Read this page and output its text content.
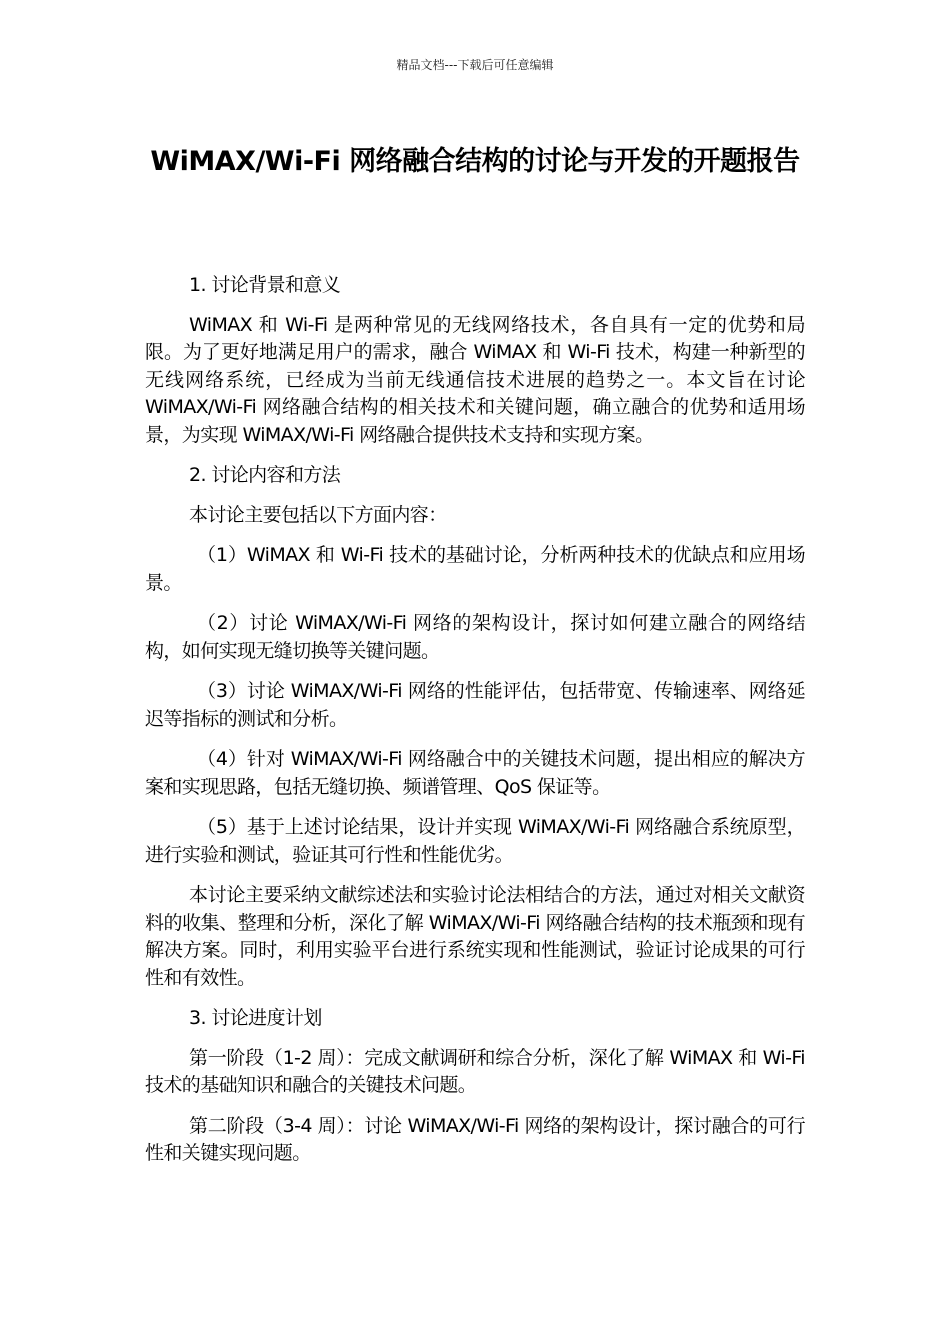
精品文档---下载后可任意编辑
WiMAX/Wi-Fi 网络融合结构的讨论与开发的开题报告

1. 讨论背景和意义

WiMAX 和 Wi-Fi 是两种常见的无线网络技术，各自具有一定的优势和局限。为了更好地满足用户的需求，融合 WiMAX 和 Wi-Fi 技术，构建一种新型的无线网络系统，已经成为当前无线通信技术进展的趋势之一。本文旨在讨论 WiMAX/Wi-Fi 网络融合结构的相关技术和关键问题，确立融合的优势和适用场景，为实现 WiMAX/Wi-Fi 网络融合提供技术支持和实现方案。

2. 讨论内容和方法

本讨论主要包括以下方面内容：

（1）WiMAX 和 Wi-Fi 技术的基础讨论，分析两种技术的优缺点和应用场景。

（2）讨论 WiMAX/Wi-Fi 网络的架构设计，探讨如何建立融合的网络结构，如何实现无缝切换等关键问题。

（3）讨论 WiMAX/Wi-Fi 网络的性能评估，包括带宽、传输速率、网络延迟等指标的测试和分析。

（4）针对 WiMAX/Wi-Fi 网络融合中的关键技术问题，提出相应的解决方案和实现思路，包括无缝切换、频谱管理、QoS 保证等。

（5）基于上述讨论结果，设计并实现 WiMAX/Wi-Fi 网络融合系统原型，进行实验和测试，验证其可行性和性能优劣。

本讨论主要采纳文献综述法和实验讨论法相结合的方法，通过对相关文献资料的收集、整理和分析，深化了解 WiMAX/Wi-Fi 网络融合结构的技术瓶颈和现有解决方案。同时，利用实验平台进行系统实现和性能测试，验证讨论成果的可行性和有效性。

3. 讨论进度计划

第一阶段（1-2 周）：完成文献调研和综合分析，深化了解 WiMAX 和 Wi-Fi 技术的基础知识和融合的关键技术问题。

第二阶段（3-4 周）：讨论 WiMAX/Wi-Fi 网络的架构设计，探讨融合的可行性和关键实现问题。
